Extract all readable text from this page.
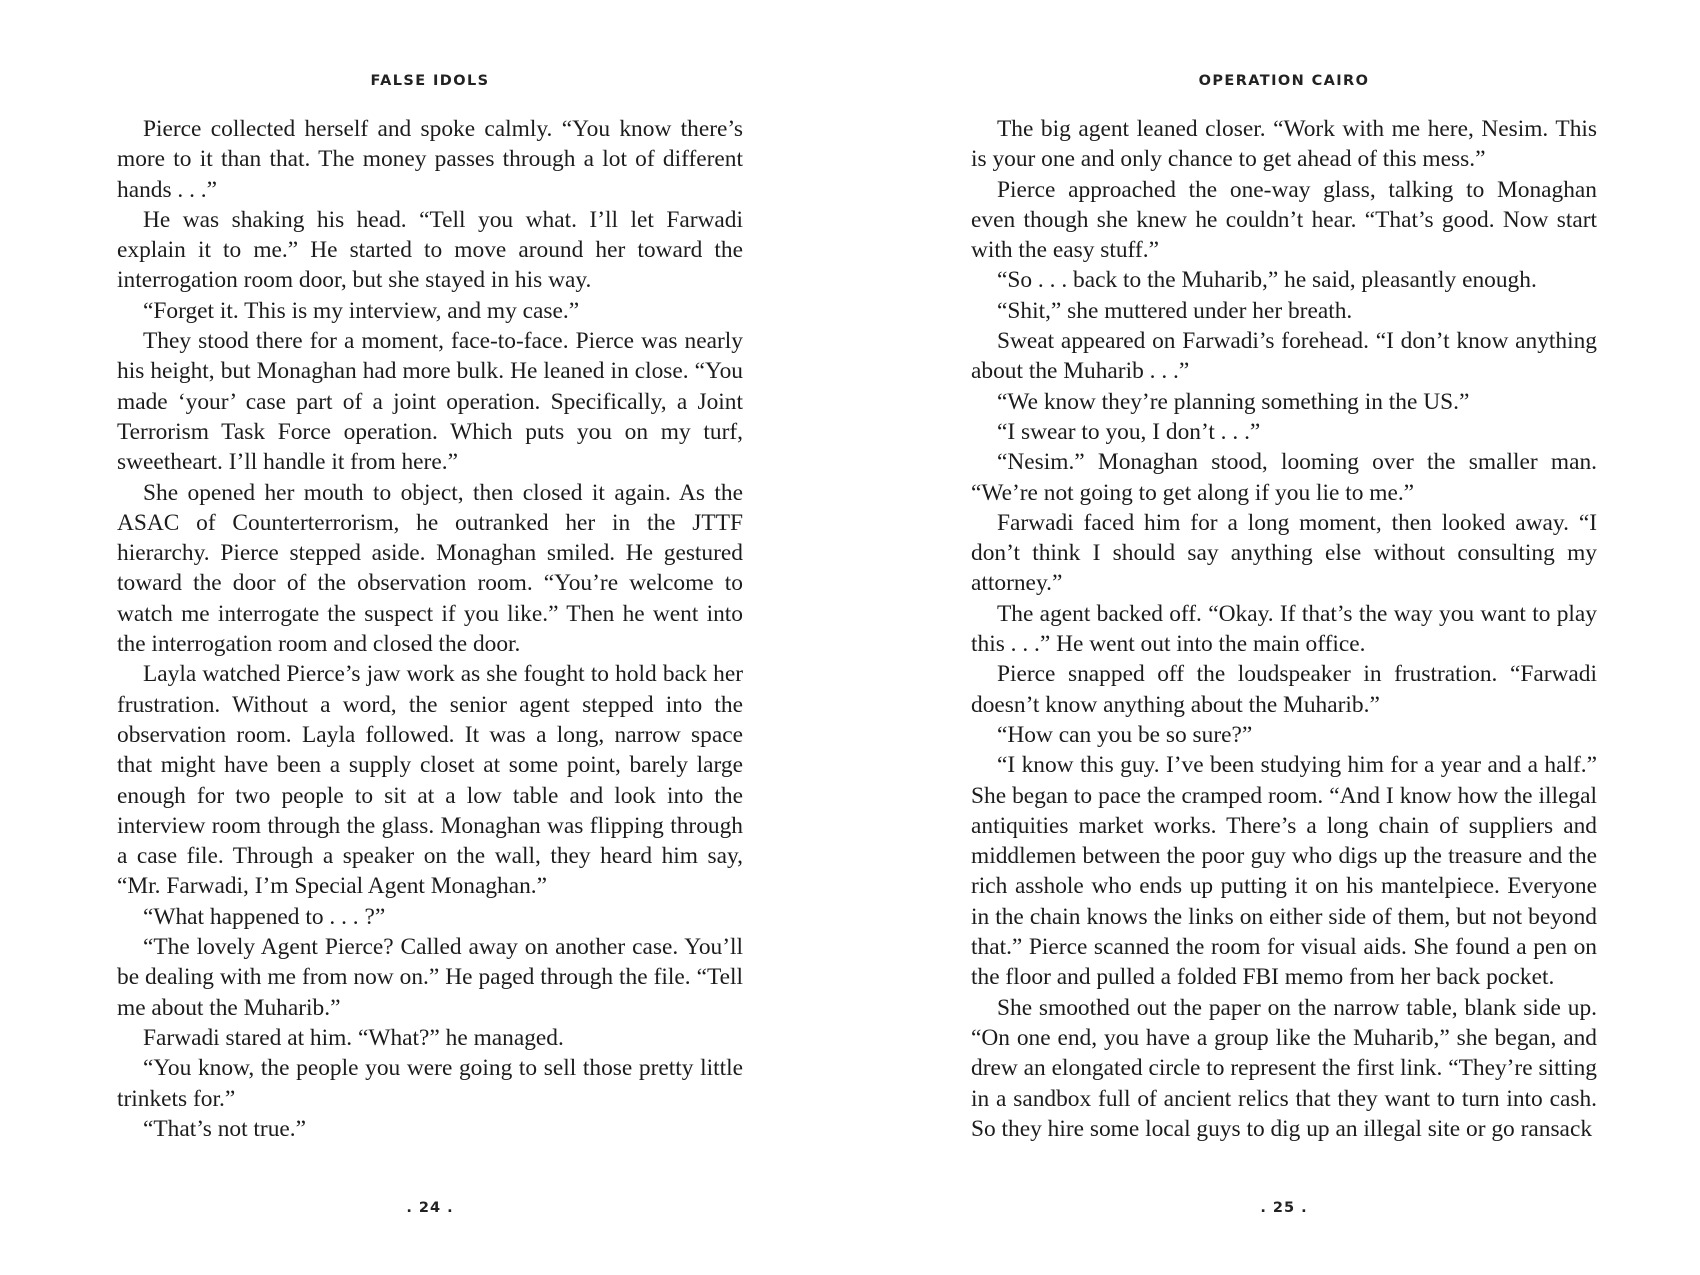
FALSE IDOLS

Pierce collected herself and spoke calmly. “You know there’s more to it than that. The money passes through a lot of different hands . . .”

He was shaking his head. “Tell you what. I’ll let Farwadi explain it to me.” He started to move around her toward the interrogation room door, but she stayed in his way.

“Forget it. This is my interview, and my case.”

They stood there for a moment, face-to-face. Pierce was nearly his height, but Monaghan had more bulk. He leaned in close. “You made ‘your’ case part of a joint operation. Specifically, a Joint Terrorism Task Force operation. Which puts you on my turf, sweetheart. I’ll handle it from here.”

She opened her mouth to object, then closed it again. As the ASAC of Counterterrorism, he outranked her in the JTTF hierarchy. Pierce stepped aside. Monaghan smiled. He gestured toward the door of the observation room. “You’re welcome to watch me interrogate the suspect if you like.” Then he went into the interrogation room and closed the door.

Layla watched Pierce’s jaw work as she fought to hold back her frustration. Without a word, the senior agent stepped into the observation room. Layla followed. It was a long, narrow space that might have been a supply closet at some point, barely large enough for two people to sit at a low table and look into the interview room through the glass. Monaghan was flipping through a case file. Through a speaker on the wall, they heard him say, “Mr. Farwadi, I’m Special Agent Monaghan.”

“What happened to . . . ?”

“The lovely Agent Pierce? Called away on another case. You’ll be dealing with me from now on.” He paged through the file. “Tell me about the Muharib.”

Farwadi stared at him. “What?” he managed.

“You know, the people you were going to sell those pretty little trinkets for.”

“That’s not true.”

. 24 .
OPERATION CAIRO

The big agent leaned closer. “Work with me here, Nesim. This is your one and only chance to get ahead of this mess.”

Pierce approached the one-way glass, talking to Monaghan even though she knew he couldn’t hear. “That’s good. Now start with the easy stuff.”

“So . . . back to the Muharib,” he said, pleasantly enough.

“Shit,” she muttered under her breath.

Sweat appeared on Farwadi’s forehead. “I don’t know anything about the Muharib . . .”

“We know they’re planning something in the US.”

“I swear to you, I don’t . . .”

“Nesim.” Monaghan stood, looming over the smaller man. “We’re not going to get along if you lie to me.”

Farwadi faced him for a long moment, then looked away. “I don’t think I should say anything else without consulting my attorney.”

The agent backed off. “Okay. If that’s the way you want to play this . . .” He went out into the main office.

Pierce snapped off the loudspeaker in frustration. “Farwadi doesn’t know anything about the Muharib.”

“How can you be so sure?”

“I know this guy. I’ve been studying him for a year and a half.” She began to pace the cramped room. “And I know how the illegal antiquities market works. There’s a long chain of suppliers and middlemen between the poor guy who digs up the treasure and the rich asshole who ends up putting it on his mantelpiece. Everyone in the chain knows the links on either side of them, but not beyond that.” Pierce scanned the room for visual aids. She found a pen on the floor and pulled a folded FBI memo from her back pocket.

She smoothed out the paper on the narrow table, blank side up. “On one end, you have a group like the Muharib,” she began, and drew an elongated circle to represent the first link. “They’re sitting in a sandbox full of ancient relics that they want to turn into cash. So they hire some local guys to dig up an illegal site or go ransack

. 25 .
